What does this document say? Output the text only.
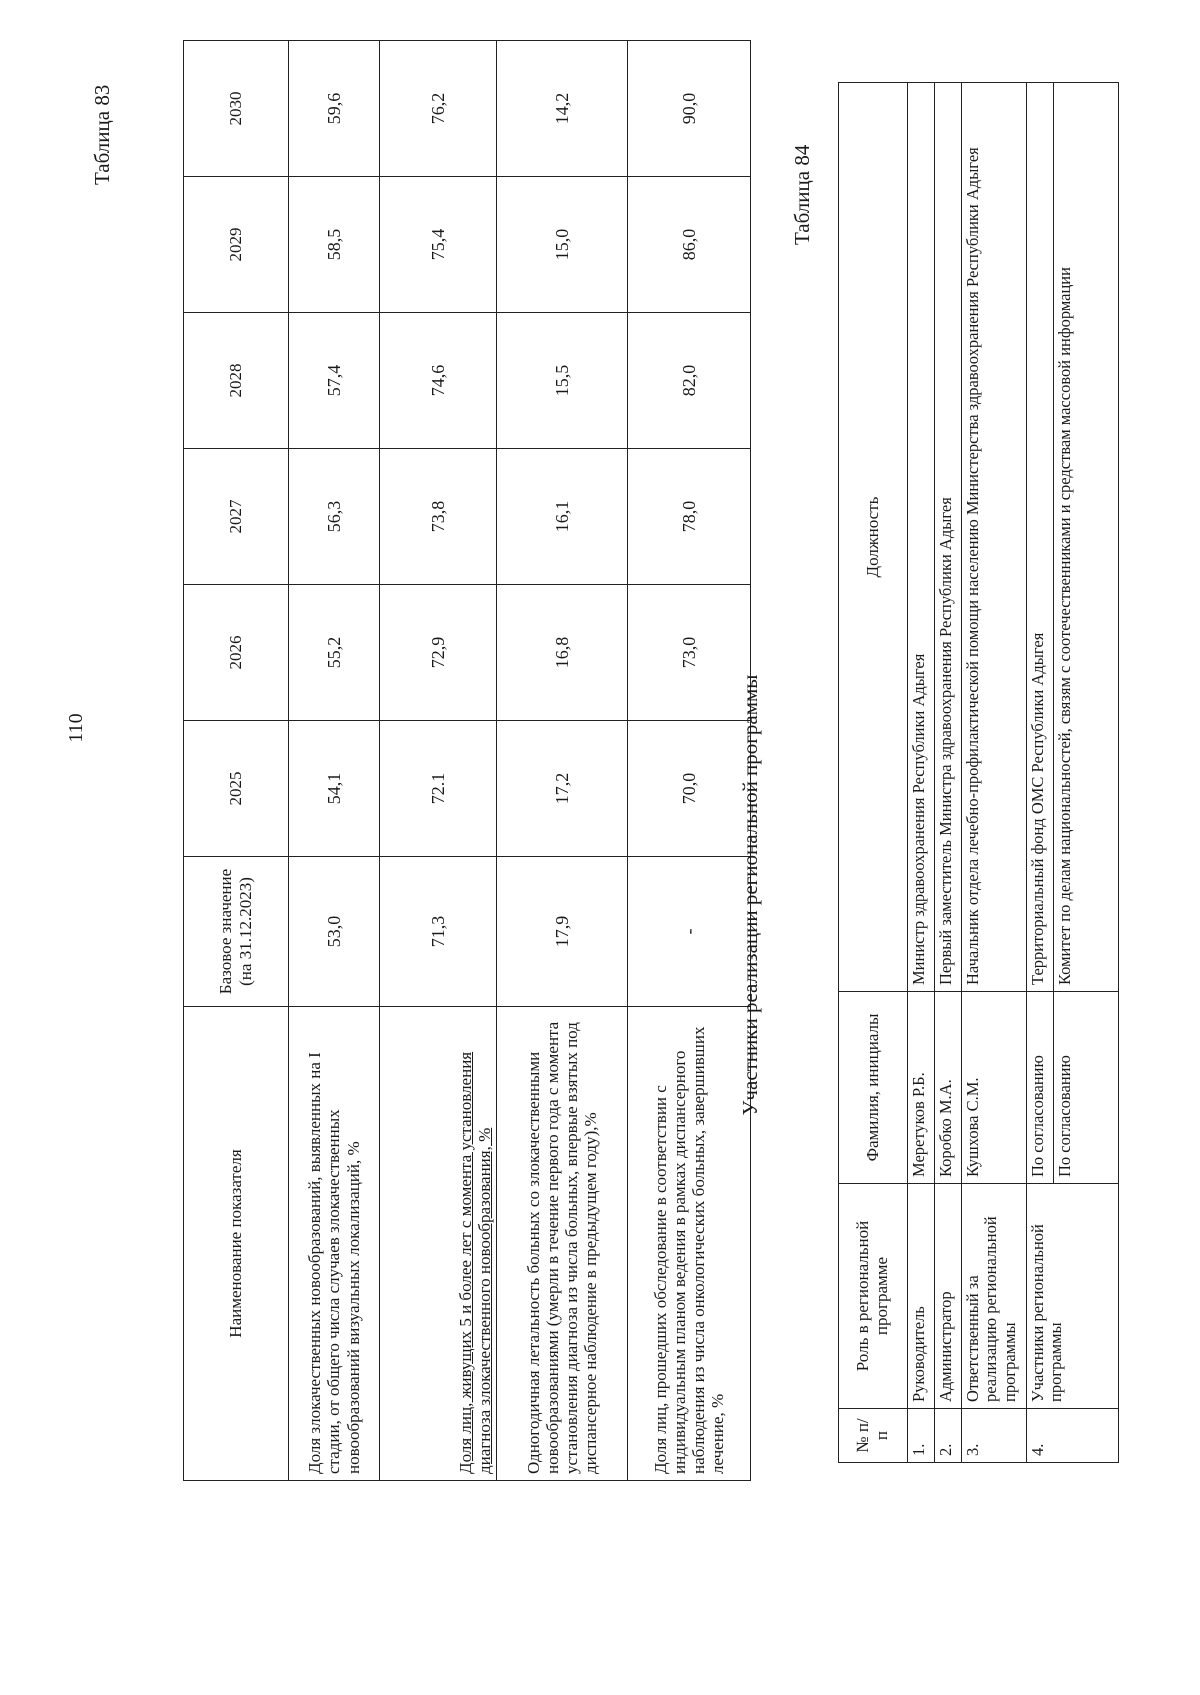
110
Таблица 83
Наименование показателя	Базовое значение (на 31.12.2023)	2025	2026	2027	2028	2029	2030
Доля злокачественных новообразований, выявленных на I стадии, от общего числа случаев злокачественных новообразований визуальных локализаций, %	53,0	54,1	55,2	56,3	57,4	58,5	59,6
Доля лиц, живущих 5 и более лет с момента установления диагноза злокачественного новообразования, %	71,3	72.1	72,9	73,8	74,6	75,4	76,2
Одногодичная летальность больных со злокачественными новообразованиями (умерли в течение первого года с момента установления диагноза из числа больных, впервые взятых под диспансерное наблюдение в предыдущем году),%	17,9	17,2	16,8	16,1	15,5	15,0	14,2
Доля лиц, прошедших обследование в соответствии с индивидуальным планом ведения в рамках диспансерного наблюдения из числа онкологических больных, завершивших лечение, %	-	70,0	73,0	78,0	82,0	86,0	90,0
Участники реализации региональной программы
Таблица 84
№ п/п	Роль в региональной программе	Фамилия, инициалы	Должность
1.	Руководитель	Меретуков Р.Б.	Министр здравоохранения Республики Адыгея
2.	Администратор	Коробко М.А.	Первый заместитель Министра здравоохранения Республики Адыгея
3.	Ответственный за реализацию региональной программы	Кушхова С.М.	Начальник отдела лечебно-профилактической помощи населению Министерства здравоохранения Республики Адыгея
4.	Участники региональной программы	По согласованию	Территориальный фонд ОМС Республики Адыгея
		По согласованию	Комитет по делам национальностей, связям с соотечественниками и средствам массовой информации
